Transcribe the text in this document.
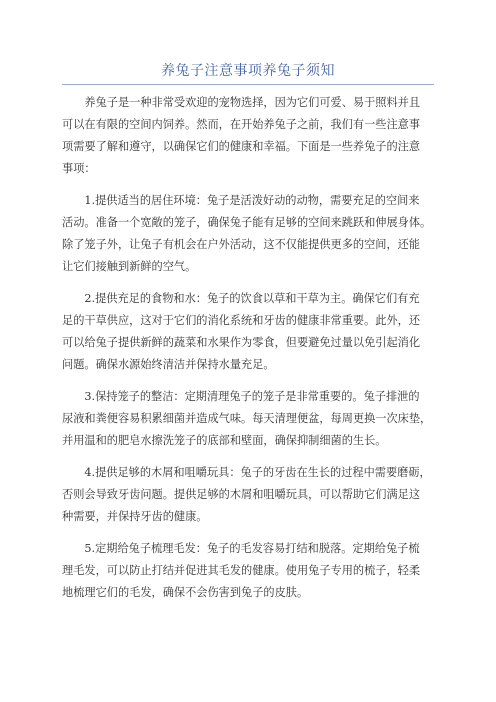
养兔子注意事项养兔子须知

养兔子是一种非常受欢迎的宠物选择，因为它们可爱、易于照料并且
可以在有限的空间内饲养。然而，在开始养兔子之前，我们有一些注意事
项需要了解和遵守，以确保它们的健康和幸福。下面是一些养兔子的注意
事项：

1.提供适当的居住环境：兔子是活泼好动的动物，需要充足的空间来
活动。准备一个宽敞的笼子，确保兔子能有足够的空间来跳跃和伸展身体。
除了笼子外，让兔子有机会在户外活动，这不仅能提供更多的空间，还能
让它们接触到新鲜的空气。

2.提供充足的食物和水：兔子的饮食以草和干草为主。确保它们有充
足的干草供应，这对于它们的消化系统和牙齿的健康非常重要。此外，还
可以给兔子提供新鲜的蔬菜和水果作为零食，但要避免过量以免引起消化
问题。确保水源始终清洁并保持水量充足。

3.保持笼子的整洁：定期清理兔子的笼子是非常重要的。兔子排泄的
尿液和粪便容易积累细菌并造成气味。每天清理便盆，每周更换一次床垫，
并用温和的肥皂水擦洗笼子的底部和壁面，确保抑制细菌的生长。

4.提供足够的木屑和咀嚼玩具：兔子的牙齿在生长的过程中需要磨砺，
否则会导致牙齿问题。提供足够的木屑和咀嚼玩具，可以帮助它们满足这
种需要，并保持牙齿的健康。

5.定期给兔子梳理毛发：兔子的毛发容易打结和脱落。定期给兔子梳
理毛发，可以防止打结并促进其毛发的健康。使用兔子专用的梳子，轻柔
地梳理它们的毛发，确保不会伤害到兔子的皮肤。
